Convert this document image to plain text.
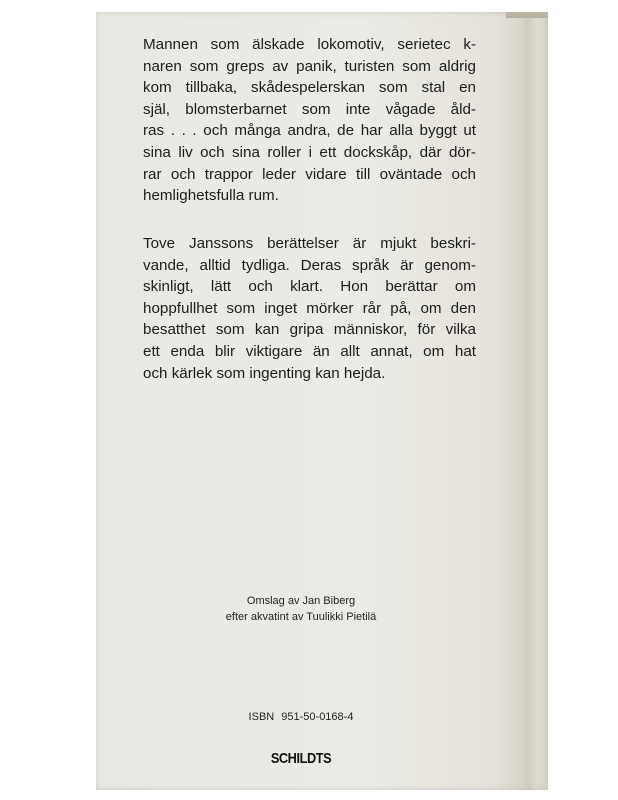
Mannen som älskade lokomotiv, serietec k-
naren som greps av panik, turisten som aldrig
kom tillbaka, skådespelerskan som stal en
själ, blomsterbarnet som inte vågade åld-
ras . . . och många andra, de har alla byggt ut
sina liv och sina roller i ett dockskåp, där dör-
rar och trappor leder vidare till oväntade och
hemlighetsfulla rum.
Tove Janssons berättelser är mjukt beskri-
vande, alltid tydliga. Deras språk är genom-
skinligt, lätt och klart. Hon berättar om
hoppfullhet som inget mörker rår på, om den
besatthet som kan gripa människor, för vilka
ett enda blir viktigare än allt annat, om hat
och kärlek som ingenting kan hejda.
Omslag av Jan Biberg
efter akvatint av Tuulikki Pietilä
ISBN 951-50-0168-4
SCHILDTS
